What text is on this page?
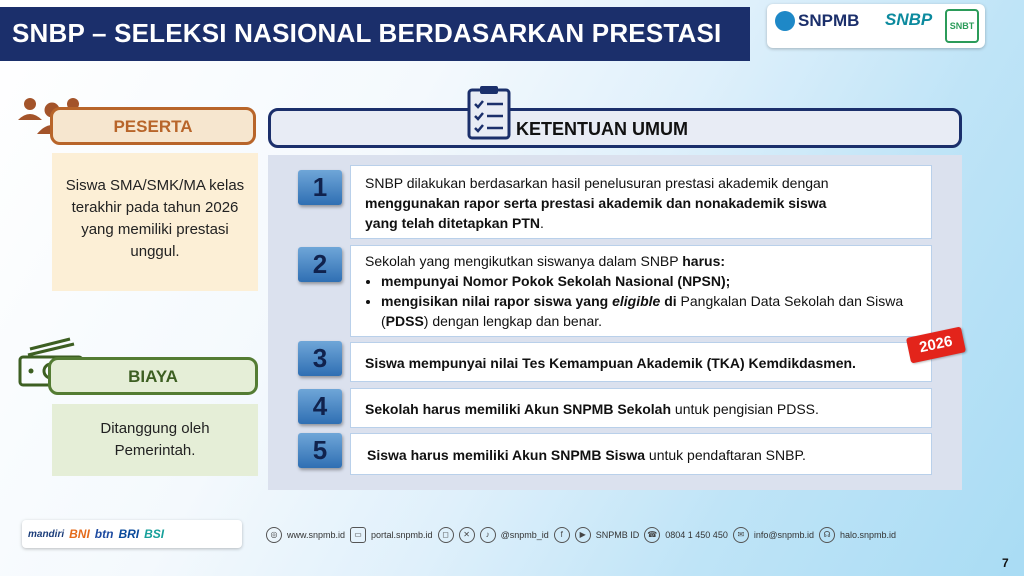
SNBP – SELEKSI NASIONAL BERDASARKAN PRESTASI	SNPMB SNBP	SNBT
PESERTA
Siswa SMA/SMK/MA kelas terakhir pada tahun 2026 yang memiliki prestasi unggul.
BIAYA
Ditanggung oleh Pemerintah.
KETENTUAN UMUM
1	SNBP dilakukan berdasarkan hasil penelusuran prestasi akademik dengan
menggunakan rapor serta prestasi akademik dan nonakademik siswa
yang telah ditetapkan PTN.
2	Sekolah yang mengikutkan siswanya dalam SNBP harus:
• mempunyai Nomor Pokok Sekolah Nasional (NPSN);
• mengisikan nilai rapor siswa yang eligible di Pangkalan Data Sekolah dan Siswa (PDSS) dengan lengkap dan benar.
3	Siswa mempunyai nilai Tes Kemampuan Akademik (TKA) Kemdikdasmen.
2026
4	Sekolah harus memiliki Akun SNPMB Sekolah untuk pengisian PDSS.
5	Siswa harus memiliki Akun SNPMB Siswa untuk pendaftaran SNBP.
mandiri BNI btn BRI BSI	◎	www.snpmb.id	▭	portal.snpmb.id	◻	✕	♪	@snpmb_id	f	▶	SNPMB ID	☎ 0804 1 450 450	✉	info@snpmb.id	☊	halo.snpmb.id
7
